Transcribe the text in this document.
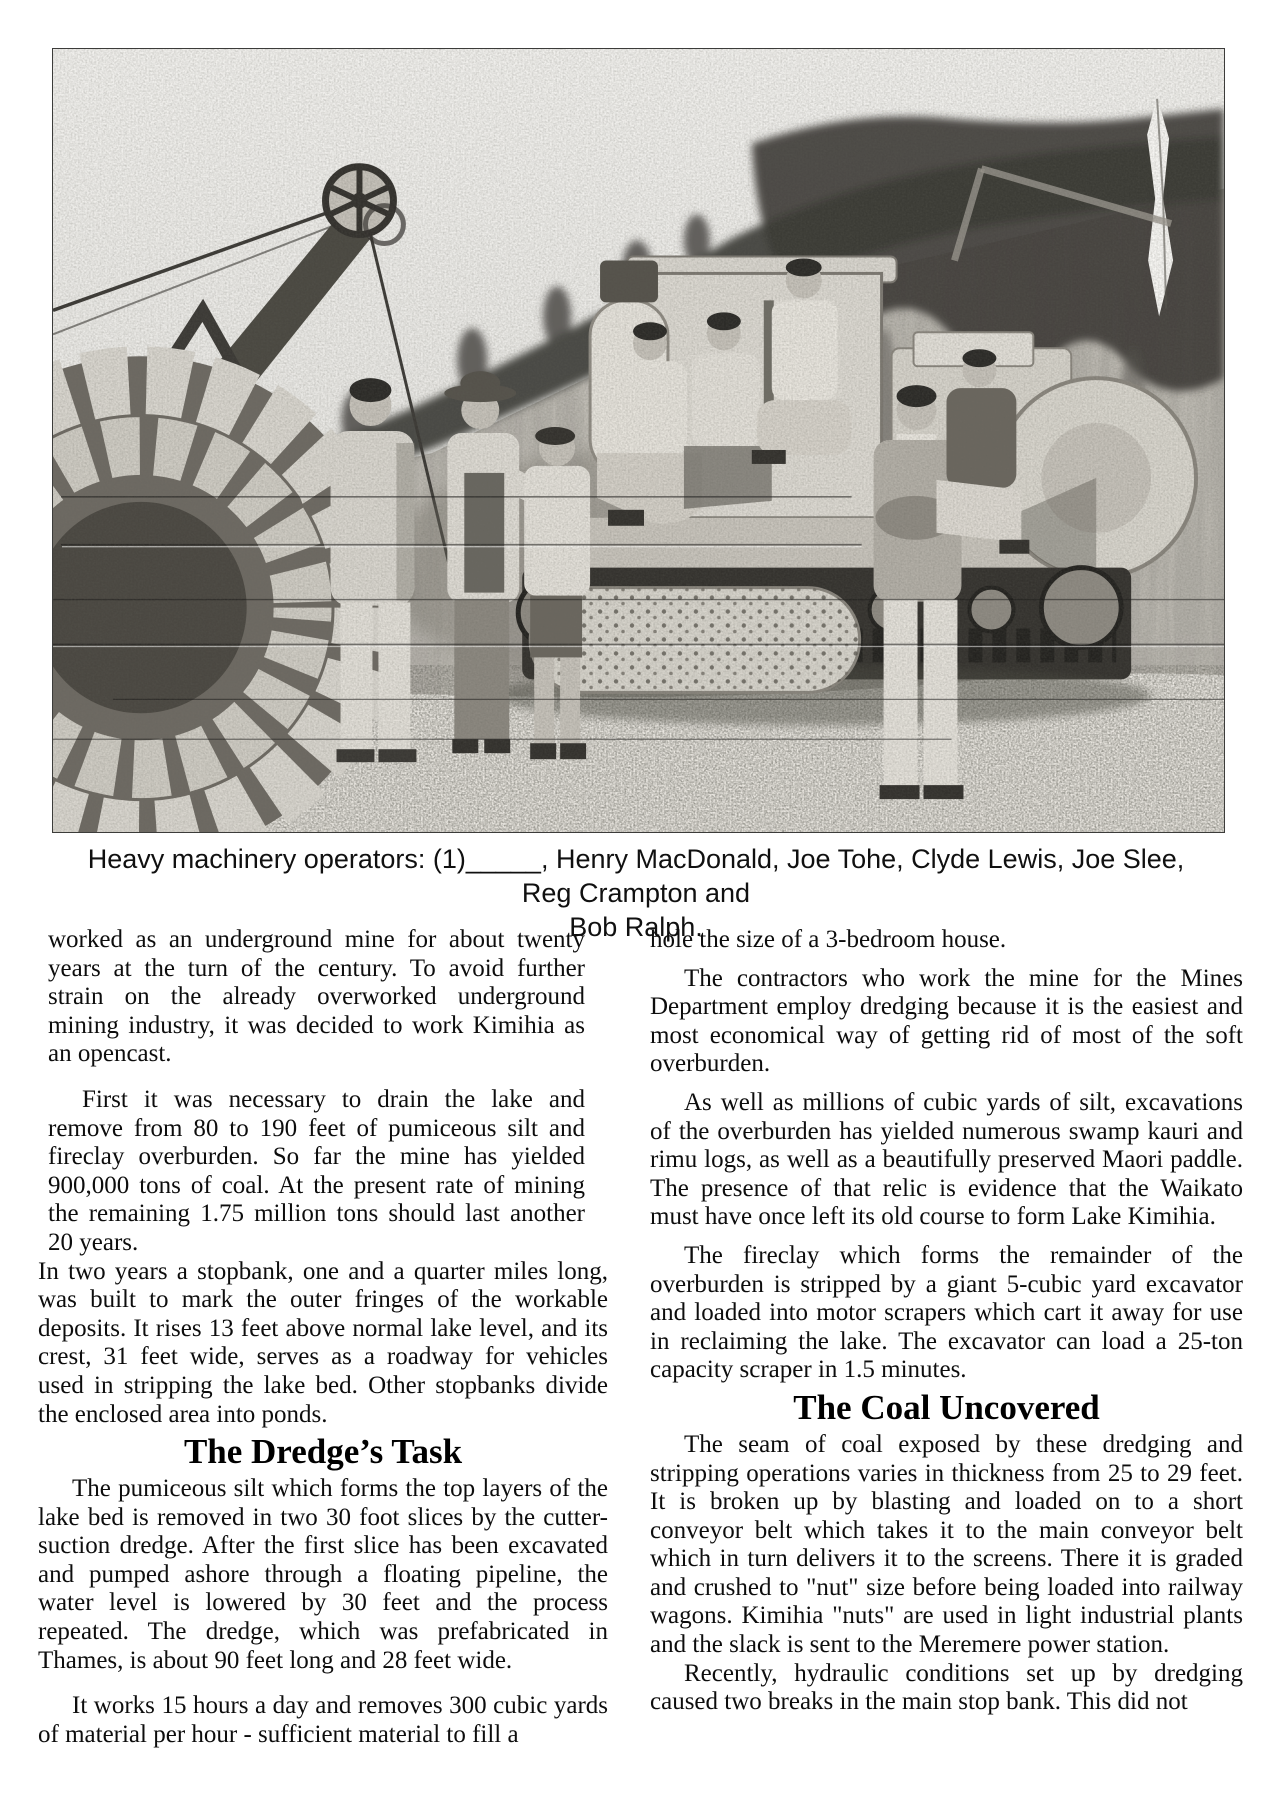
Heavy machinery operators: (1)_____, Henry MacDonald, Joe Tohe, Clyde Lewis, Joe Slee, Reg Crampton and
Bob Ralph.

worked as an underground mine for about twenty years at the turn of the century. To avoid further strain on the already overworked underground mining industry, it was decided to work Kimihia as an opencast.

First it was necessary to drain the lake and remove from 80 to 190 feet of pumiceous silt and fireclay overburden. So far the mine has yielded 900,000 tons of coal. At the present rate of mining the remaining 1.75 million tons should last another 20 years.

In two years a stopbank, one and a quarter miles long, was built to mark the outer fringes of the workable deposits. It rises 13 feet above normal lake level, and its crest, 31 feet wide, serves as a roadway for vehicles used in stripping the lake bed. Other stopbanks divide the enclosed area into ponds.

The Dredge’s Task

The pumiceous silt which forms the top layers of the lake bed is removed in two 30 foot slices by the cutter-suction dredge. After the first slice has been excavated and pumped ashore through a floating pipeline, the water level is lowered by 30 feet and the process repeated. The dredge, which was prefabricated in Thames, is about 90 feet long and 28 feet wide.

It works 15 hours a day and removes 300 cubic yards of material per hour - sufficient material to fill a

hole the size of a 3-bedroom house.

The contractors who work the mine for the Mines Department employ dredging because it is the easiest and most economical way of getting rid of most of the soft overburden.

As well as millions of cubic yards of silt, excavations of the overburden has yielded numerous swamp kauri and rimu logs, as well as a beautifully preserved Maori paddle. The presence of that relic is evidence that the Waikato must have once left its old course to form Lake Kimihia.

The fireclay which forms the remainder of the overburden is stripped by a giant 5-cubic yard excavator and loaded into motor scrapers which cart it away for use in reclaiming the lake. The excavator can load a 25-ton capacity scraper in 1.5 minutes.

The Coal Uncovered

The seam of coal exposed by these dredging and stripping operations varies in thickness from 25 to 29 feet. It is broken up by blasting and loaded on to a short conveyor belt which takes it to the main conveyor belt which in turn delivers it to the screens. There it is graded and crushed to "nut" size before being loaded into railway wagons. Kimihia "nuts" are used in light industrial plants and the slack is sent to the Meremere power station.

Recently, hydraulic conditions set up by dredging caused two breaks in the main stop bank. This did not
